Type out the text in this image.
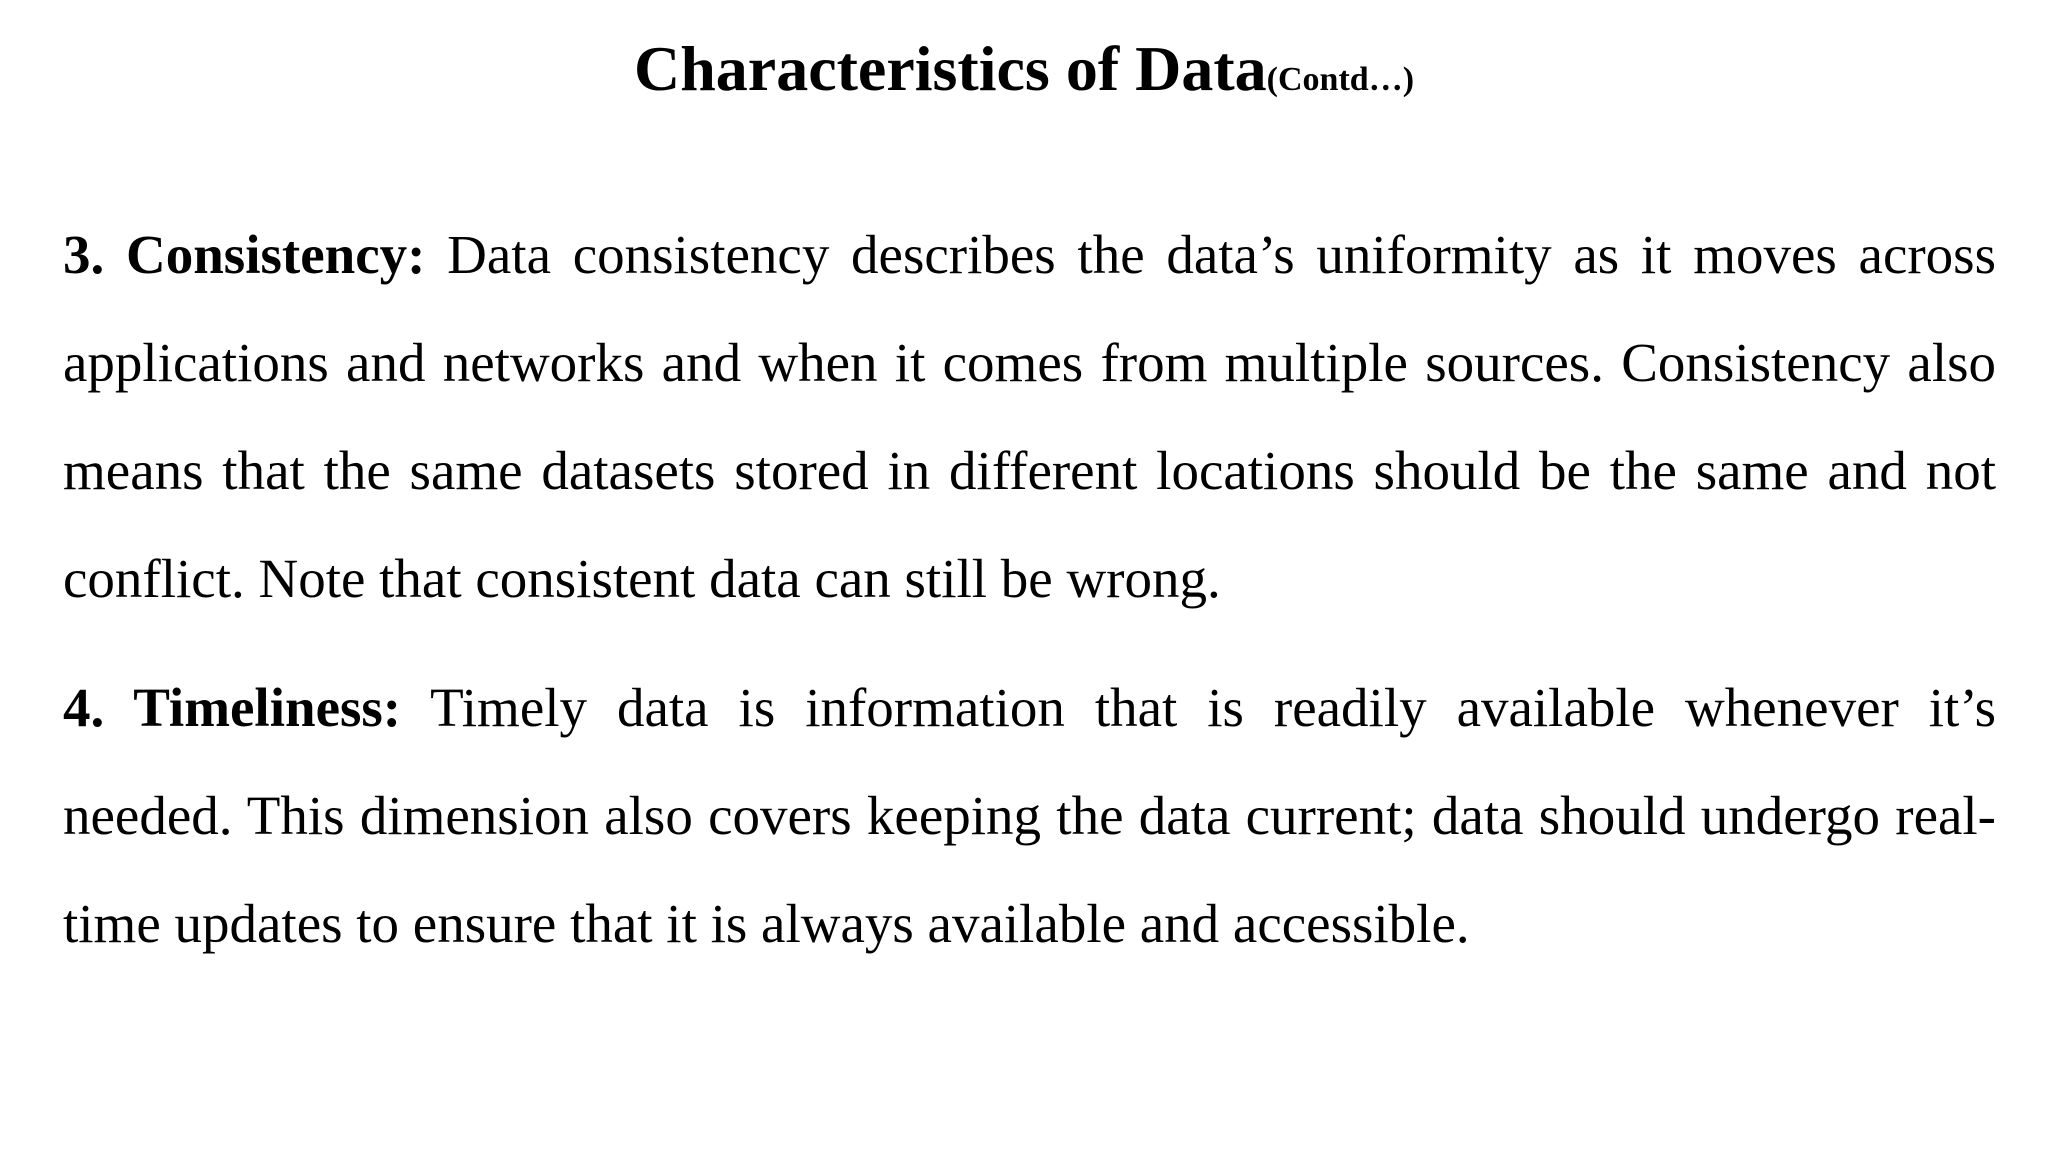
Characteristics of Data(Contd…)

3. Consistency: Data consistency describes the data’s uniformity as it moves across applications and networks and when it comes from multiple sources. Consistency also means that the same datasets stored in different locations should be the same and not conflict. Note that consistent data can still be wrong.

4. Timeliness: Timely data is information that is readily available whenever it’s needed. This dimension also covers keeping the data current; data should undergo real-time updates to ensure that it is always available and accessible.
